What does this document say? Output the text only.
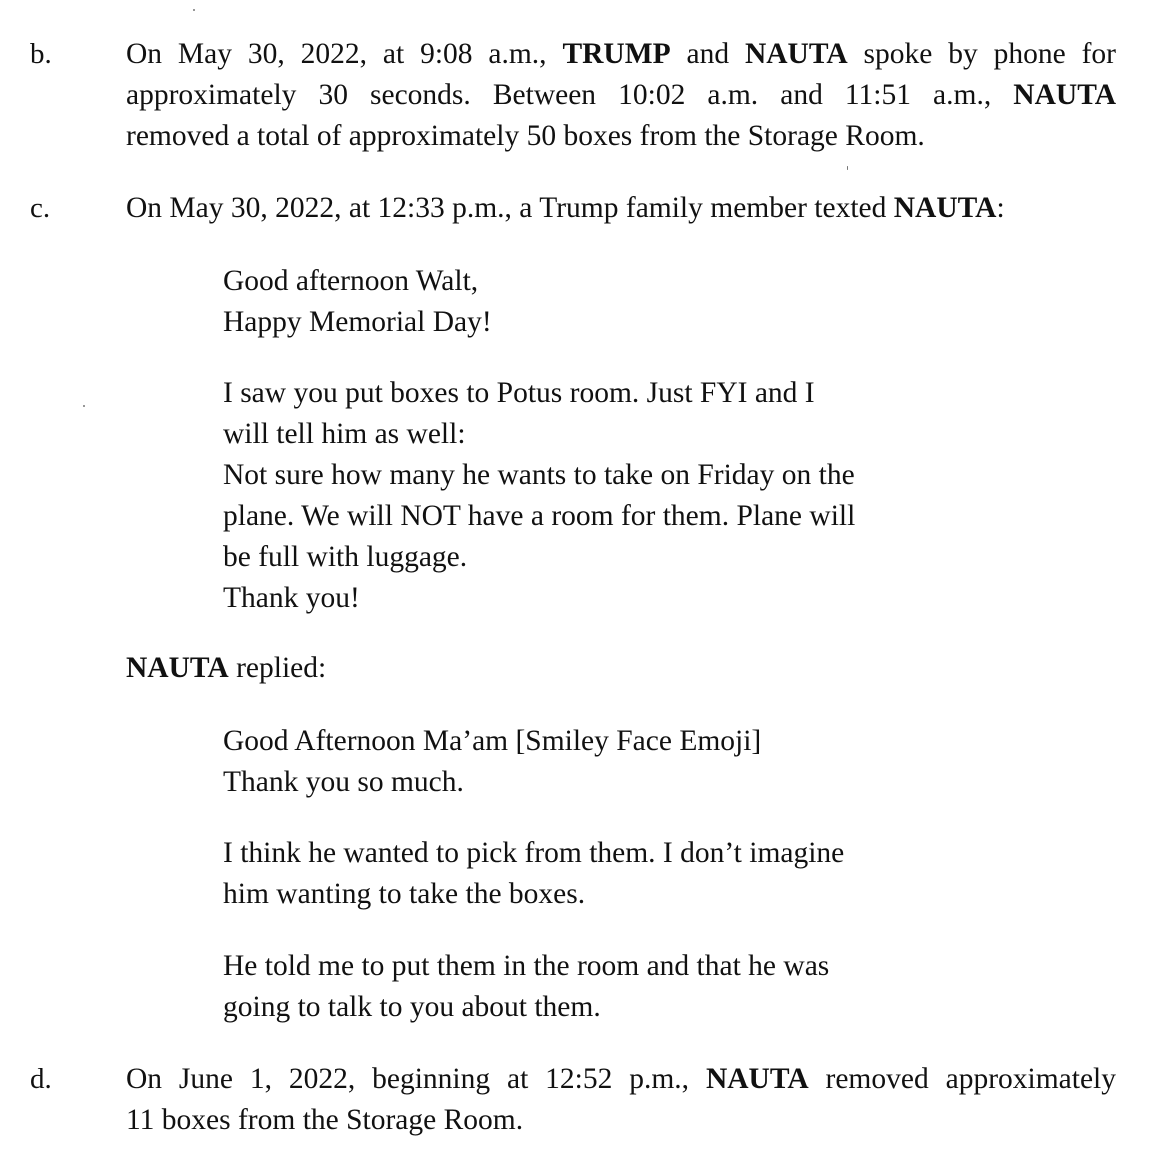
b.	On May 30, 2022, at 9:08 a.m., TRUMP and NAUTA spoke by phone for
approximately 30 seconds. Between 10:02 a.m. and 11:51 a.m., NAUTA
removed a total of approximately 50 boxes from the Storage Room.
c.	On May 30, 2022, at 12:33 p.m., a Trump family member texted NAUTA:
Good afternoon Walt,
Happy Memorial Day!
I saw you put boxes to Potus room. Just FYI and I
will tell him as well:
Not sure how many he wants to take on Friday on the
plane. We will NOT have a room for them. Plane will
be full with luggage.
Thank you!
NAUTA replied:
Good Afternoon Ma’am [Smiley Face Emoji]
Thank you so much.
I think he wanted to pick from them. I don’t imagine
him wanting to take the boxes.
He told me to put them in the room and that he was
going to talk to you about them.
d.	On June 1, 2022, beginning at 12:52 p.m., NAUTA removed approximately
11 boxes from the Storage Room.
